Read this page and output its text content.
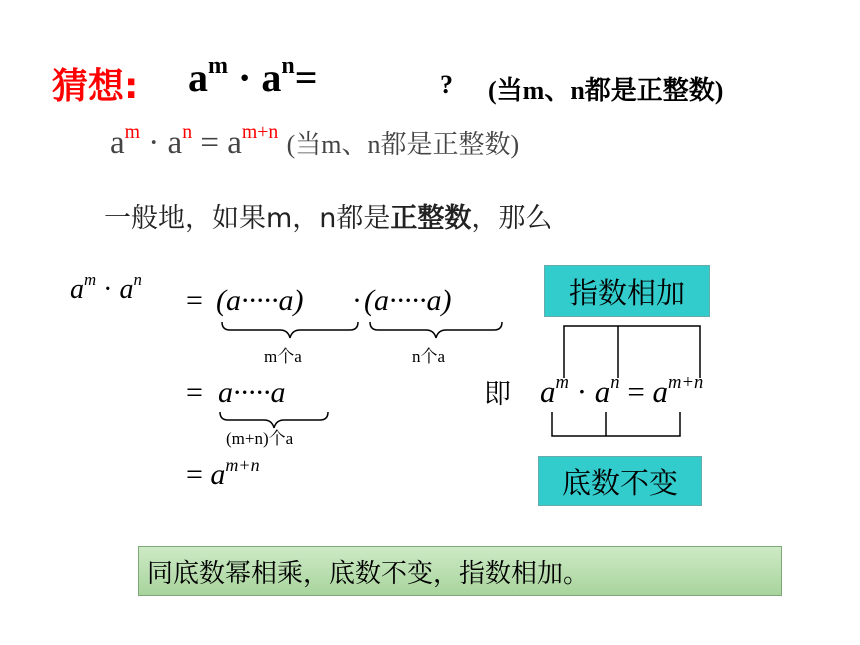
猜想: $a^m \cdot a^n=$	? (当m、n都是正整数)
$a^m \cdot a^n = a^{m+n}$ (当m、n都是正整数)
一般地，如果m，n都是正整数，那么
$a^m \cdot a^n$
= (a·····a) · (a·····a)
m个a	n个a
= a·····a
(m+n)个a
= $a^{m+n}$
即
指数相加
$a^m \cdot a^n = a^{m+n}$
底数不变
同底数幂相乘，底数不变，指数相加。
